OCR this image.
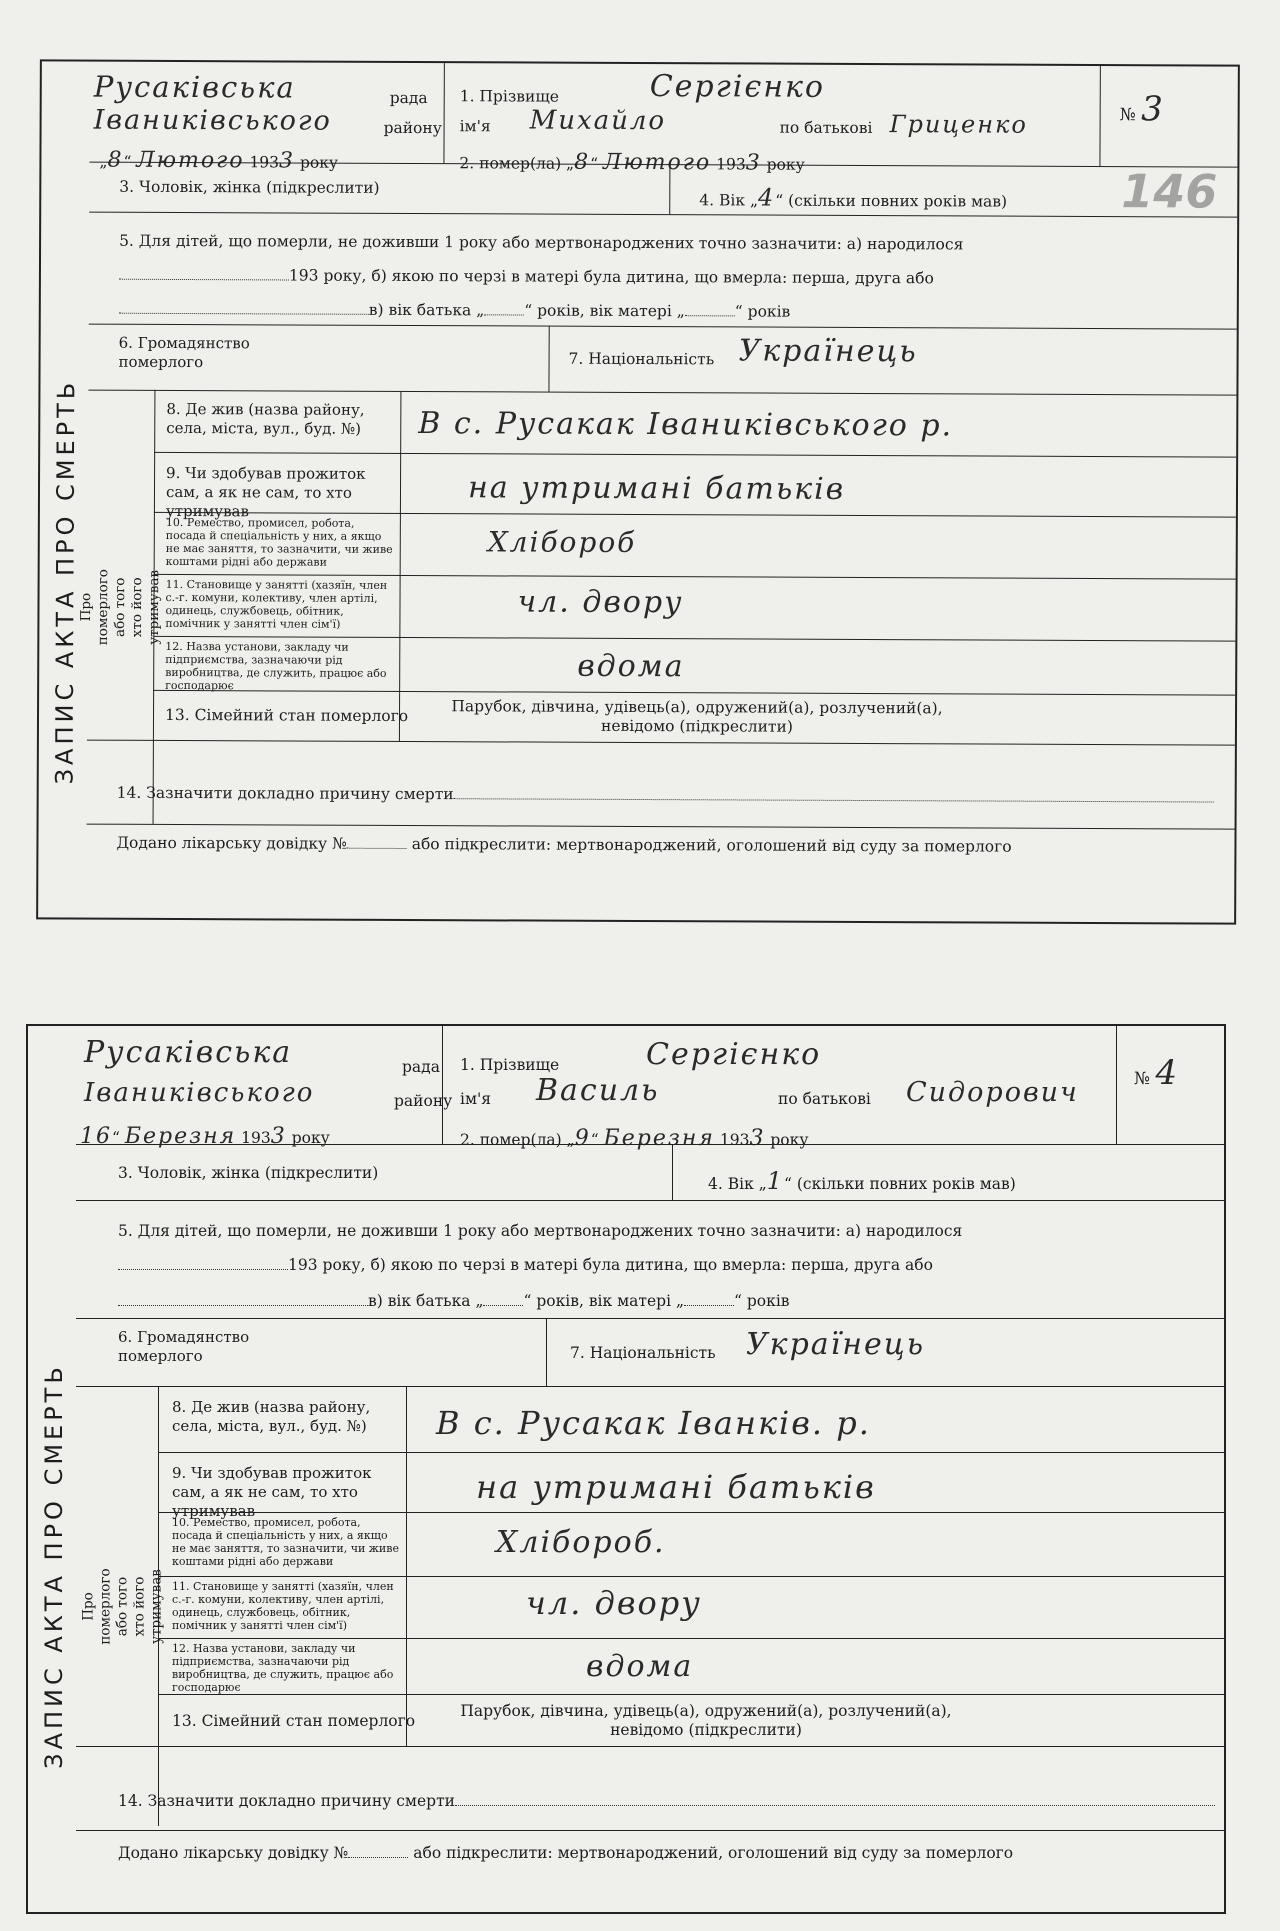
ЗАПИС АКТА ПРО СМЕРТЬ
Русаківська	рада
Іваниківського	району
„8“ Лютого 1933 року
1. Прізвище	Сергієнко
ім'я Михайло	по батькові Гриценко
2. помер(ла) „8“ Лютого 1933 року
№ 3
3. Чоловік, жінка (підкреслити)
4. Вік „4“ (скільки повних років мав) 146
5. Для дітей, що померли, не доживши 1 року або мертвонароджених точно зазначити: а) народилося
193 року, б) якою по черзі в матері була дитина, що вмерла: перша, друга або
в) вік батька „	“ років, вік матері „	“ років
6. Громадянство померлого	7. Національність Українець
Про померлого або того хто його утримував
8. Де жив (назва району, села, міста, вул., буд. №)	В с. Русакак Іваниківського р.
9. Чи здобував прожиток сам, а як не сам, то хто утримував
на утримані батьків
10. Ремество, промисел, робота, посада й спеціальність у них, а якщо не має заняття, то зазначити, чи живе коштами рідні або держави
Хлібороб
11. Становище у занятті (хазяїн, член с.-г. комуни, колективу, член артілі, одинець, службовець, обітник, помічник у занятті член сім'ї)
чл. двору
12. Назва установи, закладу чи підприємства, зазначаючи рід виробництва, де служить, працює або господарює
вдома
13. Сімейний стан померлого	Парубок, дівчина, удівець(а), одружений(а), розлучений(а),
невідомо (підкреслити)
14. Зазначити докладно причину смерти
Додано лікарську довідку №	або підкреслити: мертвонароджений, оголошений від суду за померлого
ЗАПИС АКТА ПРО СМЕРТЬ
Русаківська	рада
Іваниківського	району
16“ Березня 1933 року
1. Прізвище	Сергієнко
ім'я Василь	по батькові Сидорович
2. помер(ла) „9“ Березня 1933 року
№ 4
3. Чоловік, жінка (підкреслити)
4. Вік „1“ (скільки повних років мав)
5. Для дітей, що померли, не доживши 1 року або мертвонароджених точно зазначити: а) народилося
193 року, б) якою по черзі в матері була дитина, що вмерла: перша, друга або
в) вік батька „	“ років, вік матері „	“ років
6. Громадянство померлого	7. Національність Українець
Про померлого або того хто його утримував
8. Де жив (назва району, села, міста, вул., буд. №)	В с. Русакак Іванків. р.
9. Чи здобував прожиток сам, а як не сам, то хто утримував
на утримані батьків
10. Ремество, промисел, робота, посада й спеціальність у них, а якщо не має заняття, то зазначити, чи живе коштами рідні або держави
Хлібороб.
11. Становище у занятті (хазяїн, член с.-г. комуни, колективу, член артілі, одинець, службовець, обітник, помічник у занятті член сім'ї)
чл. двору
12. Назва установи, закладу чи підприємства, зазначаючи рід виробництва, де служить, працює або господарює
вдома
13. Сімейний стан померлого
Парубок, дівчина, удівець(а), одружений(а), розлучений(а),
невідомо (підкреслити)
14. Зазначити докладно причину смерти
Додано лікарську довідку №	або підкреслити: мертвонароджений, оголошений від суду за померлого
